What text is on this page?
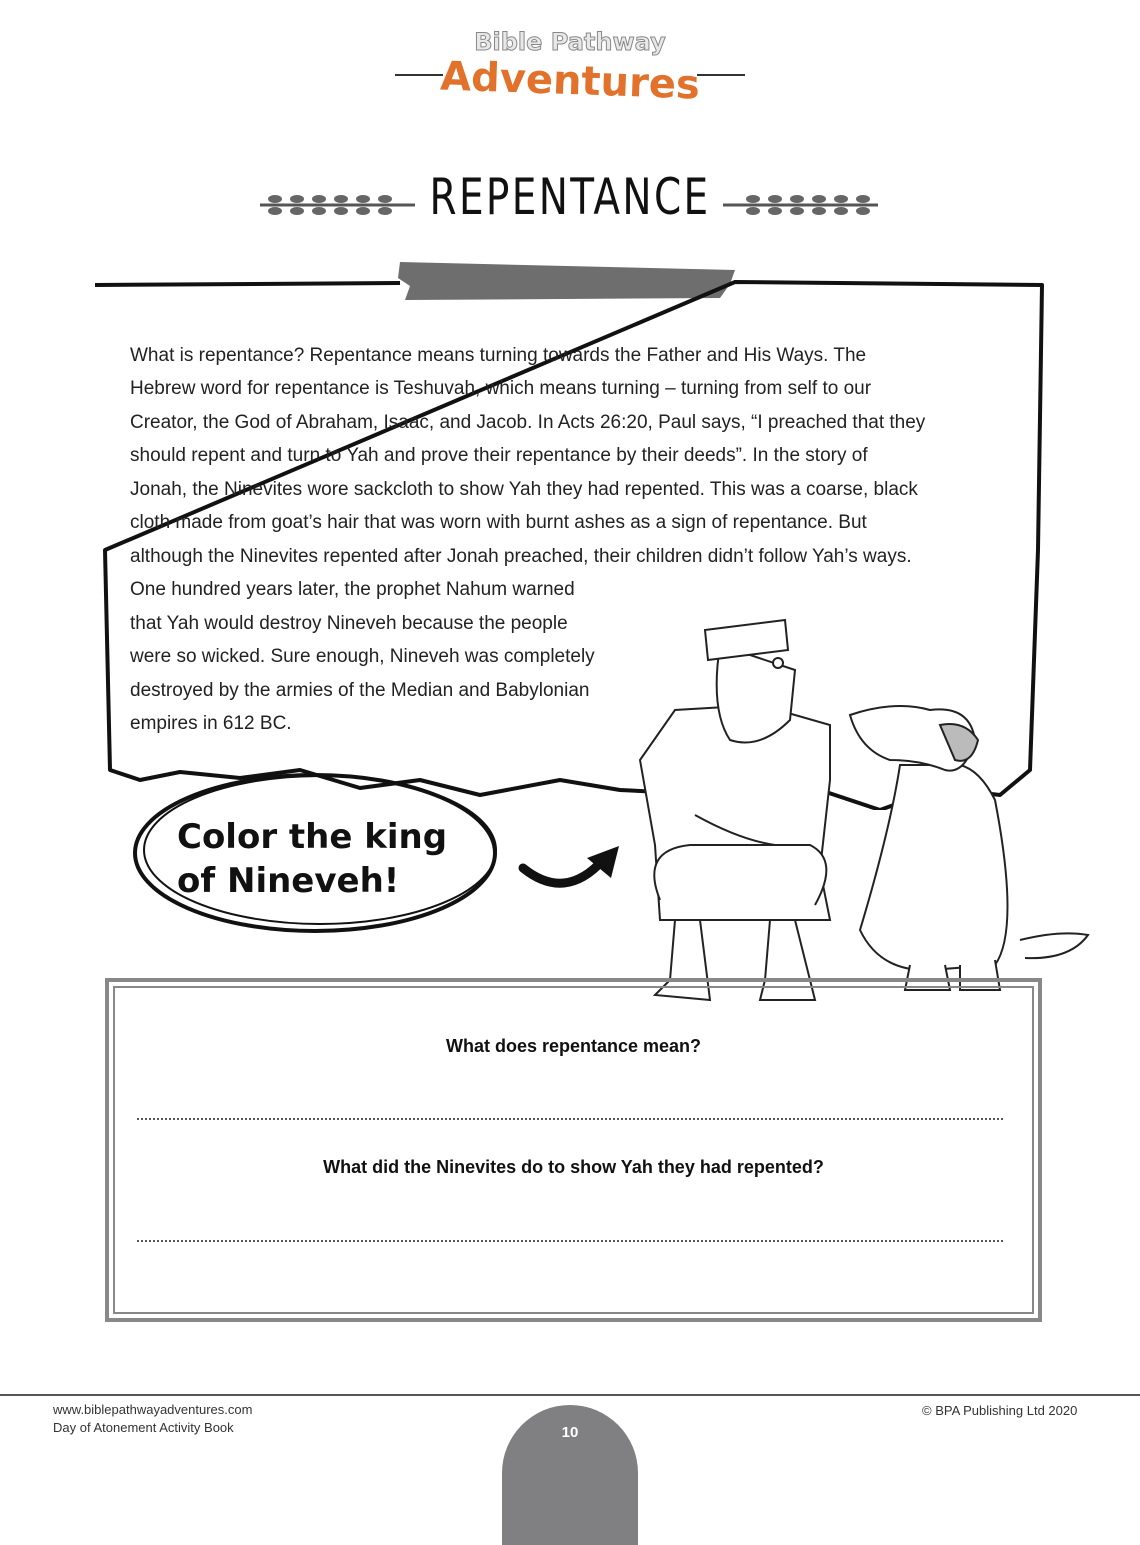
Bible Pathway
Adventures
REPENTANCE
What is repentance? Repentance means turning towards the Father and His Ways. The
Hebrew word for repentance is Teshuvah, which means turning – turning from self to our
Creator, the God of Abraham, Isaac, and Jacob. In Acts 26:20, Paul says, “I preached that they
should repent and turn to Yah and prove their repentance by their deeds”. In the story of
Jonah, the Ninevites wore sackcloth to show Yah they had repented. This was a coarse, black
cloth made from goat’s hair that was worn with burnt ashes as a sign of repentance. But
although the Ninevites repented after Jonah preached, their children didn’t follow Yah’s ways.
One hundred years later, the prophet Nahum warned
that Yah would destroy Nineveh because the people
were so wicked. Sure enough, Nineveh was completely
destroyed by the armies of the Median and Babylonian
empires in 612 BC.
Color the king
of Nineveh!
What does repentance mean?
What did the Ninevites do to show Yah they had repented?
www.biblepathwayadventures.com
Day of Atonement Activity Book
© BPA Publishing Ltd 2020
10
